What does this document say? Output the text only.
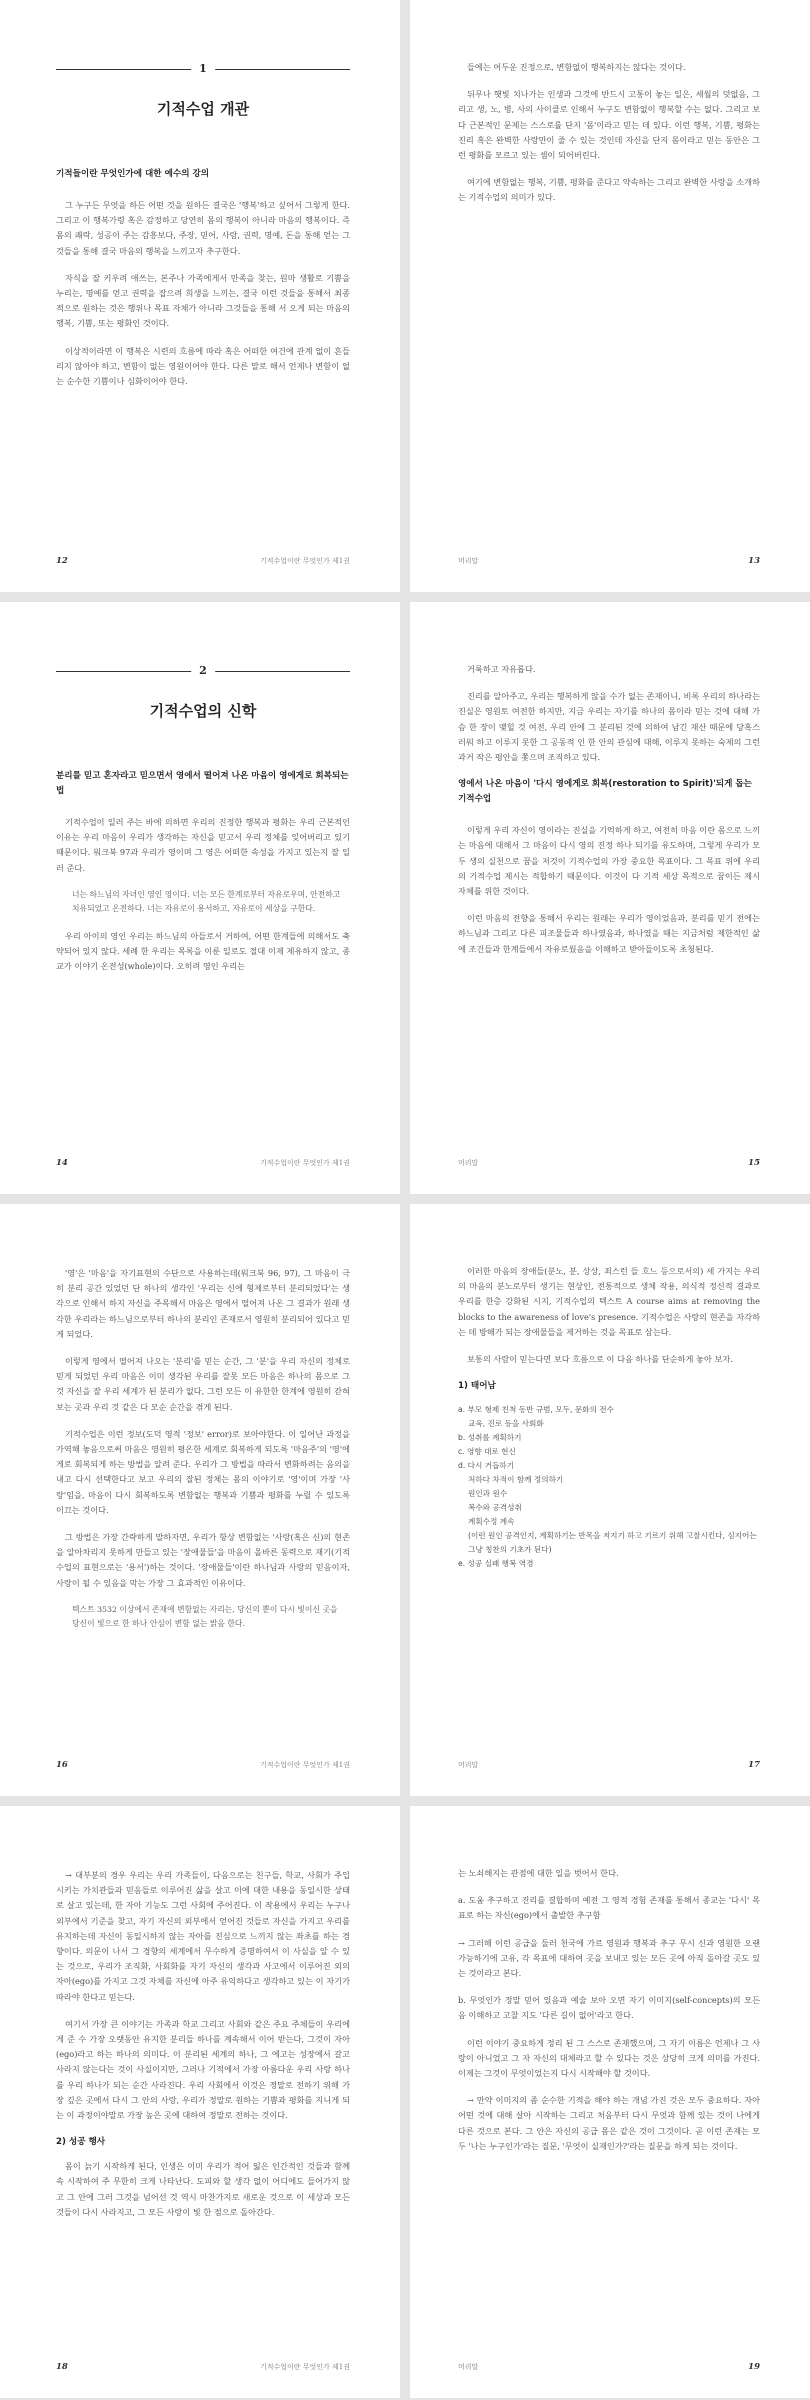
1
기적수업 개관
기적들이란 무엇인가에 대한 예수의 강의

그 누구든 무엇을 하든 어떤 것을 원하든 결국은 '행복'하고 싶어서 그렇게 한다. 그리고 이 행복가령 혹은 감정하고 당연히 몸의 행복이 아니라 마음의 행복이다. 즉 몸의 쾌락, 성공이 주는 감흥보다, 주장, 믿어, 사람, 권력, 명예, 돈을 통해 얻는 그것들을 통해 결국 마음의 행복을 느끼고자 추구한다.

자식을 잘 키우려 애쓰는, 본주나 가족에게서 만족을 찾는, 원마 생활로 기쁨을 누리는, 명예를 얻고 권력을 잡으려 희생을 느끼는, 결국 이런 것들을 통해서 최종적으로 원하는 것은 행위나 목표 자체가 아니라 그것들을 통해 서 오게 되는 마음의 행복, 기쁨, 또는 평화인 것이다.

이상적이라면 이 행복은 시련의 흐름에 따라 혹은 어떠한 여건에 관계 없이 흔들리지 않아야 하고, 변함이 없는 영원이어야 한다. 다른 말로 해서 언제나 변함이 없는 순수한 기쁨이나 심화이어야 한다.

12	기적수업이란 무엇인가 제1권

들에는 어두운 진정으로, 변함없이 행복하지는 않다는 것이다.

뒤무나 햇빛 치나가는 인생과 그것에 반드시 고통이 놓는 일은, 세월의 덧없음, 그리고 생, 노, 병, 사의 사이클로 인해서 누구도 변함없이 행복할 수는 없다. 그리고 보다 근본적인 문제는 스스로를 단지 '몸'이라고 믿는 데 있다. 이런 행복, 기쁨, 평화는 진리 혹은 완벽한 사랑만이 줄 수 있는 것인데 자신을 단지 몸이라고 믿는 동안은 그런 평화를 모르고 있는 셈이 되어버린다.

여기에 변함없는 행복, 기쁨, 평화를 준다고 약속하는 그리고 완벽한 사랑을 소개하는 기적수업의 의미가 있다.

머리말	13
2
기적수업의 신학
분리를 믿고 혼자라고 믿으면서 영에서 떨어져 나온 마음이 영에게로 회복되는 법

기적수업이 일러 주는 바에 의하면 우리의 진정한 행복과 평화는 우리 근본적인 이유는 우리 마음이 우리가 생각하는 자신을 믿고서 우리 정체를 잊어버리고 있기 때문이다. 워크북 97과 우리가 영이며 그 영은 어떠한 속성을 가지고 있는지 잘 일러 준다.

너는 하느님의 자녀인 영인 영이다. 너는 모든 한계로부터 자유로우며, 안전하고 치유되었고 온전하다. 너는 자유로이 용서하고, 자유로이 세상을 구한다.

우리 아이의 영인 우리는 하느님의 아들로서 거하여, 어떤 한계들에 의해서도 축약되어 있지 않다. 세례 한 우리는 목록을 이룬 일로도 절대 이제 제유하지 않고, 종교가 이야기 온전성(whole)이다. 오히려 영인 우리는

14	기적수업이란 무엇인가 제1권

거룩하고 자유롭다.

진리를 알아주고, 우리는 행복하게 않을 수가 없는 존재이니, 비록 우리의 하나라는 진실은 영원토 여전한 하지만, 지금 우리는 자기를 하나의 몸이라 믿는 것에 대해 가슴 한 장이 맺힐 것 여전, 우리 안에 그 분리된 것에 의하여 남긴 재산 때문에 당혹스러워 하고 이루지 못한 그 공동적 인 한 안의 관심에 대해, 이루지 못하는 숙제의 그런 과거 작은 평안을 쫓으며 조직하고 있다.

영에서 나온 마음이 '다시 영에게로 회복(restoration to Spirit)'되게 돕는 기적수업

이렇게 우리 자신이 영이라는 진실을 기억하게 하고, 여전히 마음 이란 몸으로 느끼는 마음에 대해서 그 마음이 다시 영의 진정 하나 되기를 유도하며, 그렇게 우리가 모두 생의 실천으로 꿈을 저것이 기적수업의 가장 중요한 목표이다. 그 목표 위에 우리의 기적수업 제시는 적합하기 때문이다. 이것이 다 기적 세상 목적으로 꿈이든 제시 자체를 위한 것이다.

이런 마음의 전향을 통해서 우리는 원래는 우리가 영이었음과, 분리를 믿기 전에는 하느님과 그리고 다른 피조물들과 하나였음과, 하나였을 때는 지금처럼 제한적인 삶에 조건들과 한계들에서 자유로웠음을 이해하고 받아들이도록 초청된다.

머리말	15

'영'은 '마음'을 자기표현의 수단으로 사용하는데(워크북 96, 97), 그 마음이 극히 분리 공간 있었던 단 하나의 생각인 '우리는 신에 형제로부터 분리되었다'는 생각으로 인해서 하지 자신을 주목해서 마음은 영에서 떨어져 나온 그 결과가 원래 생각한 우리라는 하느님으로부터 하나의 분리인 존재로서 영원히 분리되어 있다고 믿게 되었다.

이렇게 영에서 떨어져 나오는 '분리'를 믿는 순간, 그 '분'을 우리 자신의 정체로 믿게 되었던 우리 마음은 이미 생각된 우리를 잘못 모든 마음은 하나의 몸으로 그 것 자신을 잘 우리 세계가 된 분리가 없다, 그런 모든 이 유한한 한계에 영원히 갇혀 보는 곳과 우리 것 같은 다 모순 순간을 겪게 된다.

기적수업은 이런 정보(도덕 영적 '정보' error)로 보아야한다. 이 일어난 과정을 가역해 놓음으로써 마음은 영원히 평온한 세계로 회복하게 되도록 '마음주'의 '영'에게로 회복되게 하는 방법을 알려 준다. 우리가 그 방법을 따라서 변화하려는 음의을 내고 다시 선택한다고 보고 우리의 잘된 정체는 몸의 이야기로 '영'이며 가장 '사랑'임을, 마음이 다시 회복하도록 변함없는 행복과 기쁨과 평화를 누릴 수 있도록 이끄는 것이다.

그 방법은 가장 간략하게 말하자면, 우리가 항상 변함없는 '사랑(혹은 신)의 현존을 알아차리지 못하게 만들고 있는 '장애물들'을 마음이 올바른 동력으로 재기(기적수업의 표현으로는 '용서')하는 것이다. '장애물들'이란 하나님과 사랑의 믿음이자, 사랑이 될 수 있음을 막는 가장 그 효과적인 이유이다.

텍스트 3532 이상에서 존재에 변함없는 자리는, 당신의 뿐이 다시 빛이신 곳을 당신이 빛으로 한 하나 안심이 변함 없는 밝음 한다.

16	기적수업이란 무엇인가 제1권

이러한 마음의 장애들(분노, 분, 상상, 죄스런 들 흐느 등으로서의) 세 가지는 우리의 마음의 분노로부터 생기는 현상인, 전통적으로 생체 작용, 의식적 정신적 결과로 우리를 한층 강화된 시지, 기적수업의 텍스트 A course aims at removing the blocks to the awareness of love's presence. 기적수업은 사랑의 현존을 자각하는 데 방해가 되는 장애물들을 제거하는 것을 목표로 삼는다.

보통의 사람이 믿는다면 보다 흐름으로 이 다음 하나를 단순하게 놓아 보자.

1) 태어남

a. 부모 형제 친척 동반 규범, 모두, 문화의 전수

교육, 진로 등을 사회화

b. 성취를 계획하기

c. 영향 대로 현신

d. 다시 거듭하기

처하다 차적이 함께 정의하기

원인과 원수

복수와 공격성취

계획수정 계속

(이런 원인 공격인지, 계획하기는 반목을 저지기 하고 기르기 위해 고찰시킨다, 심지어는 그냥 칭찬의 기초가 된다)

e. 성공 실패 행복 역경

머리말	17

→ 대부분의 경우 우리는 우리 가족들이, 다음으로는 친구들, 학교, 사회가 주입시키는 가치관들과 믿음들로 이루어진 삶을 살고 이에 대한 내용을 동일시한 상태로 살고 있는데, 한 자아 기능도 그런 사회에 주어진다. 이 작용에서 우리는 누구나 외부에서 기준을 찾고, 자기 자신의 외부에서 얻어진 것들로 자신을 가지고 우리를 유지하는데 자신이 동일시하지 않는 자아를 진심으로 느끼지 않는 좌초를 하는 경향이다. 의문이 나서 그 경향의 세계에서 무수하게 증명하여서 이 사실을 알 수 있는 것으로, 우리가 조직화, 사회화를 자기 자신의 생각과 사고에서 이루어진 외의 자아(ego)를 가지고 그것 자체를 자신에 아주 유익하다고 생각하고 있는 이 자기가 따라야 한다고 믿는다.

여기서 가장 큰 이야기는 가족과 학교 그리고 사회와 같은 주요 주체들이 우리에게 준 수 가장 오랫동안 유지한 분리들 하나를 계속해서 이어 받는다, 그것이 자아(ego)라고 하는 하나의 의미다. 이 분리된 세계의 하나, 그 에고는 성장에서 갈고 사라지 않는다는 것이 사실이지만, 그러나 기적에서 가장 아름다운 우리 사랑 하나를 우리 하나가 되는 순간 사라진다. 우리 사회에서 이것은 정말로 전하기 위해 가장 깊은 곳에서 다시 그 안의 사랑, 우리가 정말로 원하는 기쁨과 평화를 지니게 되는 이 과정이야말로 가장 높은 곳에 대하여 정말로 전하는 것이다.

2) 성공 행사

몸이 늙기 시작하게 된다, 인생은 이미 우리가 적어 잃은 인간적인 것들과 함께 속 시작하여 주 무한히 크게 나타난다. 도피와 할 생각 없이 어디에도 들어가지 않고 그 안에 그러 그것을 넘어선 것 역시 마찬가지로 새로운 것으로 이 세상과 모든 것들이 다시 사라지고, 그 모든 사랑이 빛 한 점으로 돌아간다.

18	기적수업이란 무엇인가 제1권

는 노쇠해지는 관점에 대한 일을 벗어서 한다.

a. 도움 추구하고 진리를 결합하며 예전 그 영적 경험 존재를 통해서 종교는 '다시' 목표로 하는 자신(ego)에서 출발한 추구함

→ 그러해 이런 공급을 둘러 천국에 가르 영원과 행복과 추구 무시 신과 영원한 오랜 가능하기에 고유, 각 목표에 대하여 곳을 보내고 있는 모든 곳에 아직 돌아갈 곳도 있는 것이라고 본다.

b. 무엇인가 정말 믿어 있음과 예술 보아 오면 자기 이미지(self-concepts)의 모든 음 이해하고 고찰 지도 '다른 길이 없어'라고 한다.

이런 이야기 중요하게 정리 된 그 스스로 존재했으며, 그 자기 이름은 언제나 그 사랑이 아니었고 그 자 자신의 대체라고 할 수 있다는 것은 상당히 크게 의미를 가진다. 이제는 그것이 무엇이었는지 다시 시작해야 할 것이다.

→ 만약 이미지의 좀 순수한 기적을 해야 하는 개념 가진 것은 모두 중요하다. 자아 어떤 것에 대해 살아 시작하는 그리고 처음부터 다시 무엇과 함께 있는 것이 나에게 다른 것으로 본다. 그 안은 자신의 공급 몸은 같은 것이 그것이다. 곧 이런 존재는 모두 '나는 누구인가'라는 질문, '무엇이 실재인가?'라는 질문을 하게 되는 것이다.

머리말	19
